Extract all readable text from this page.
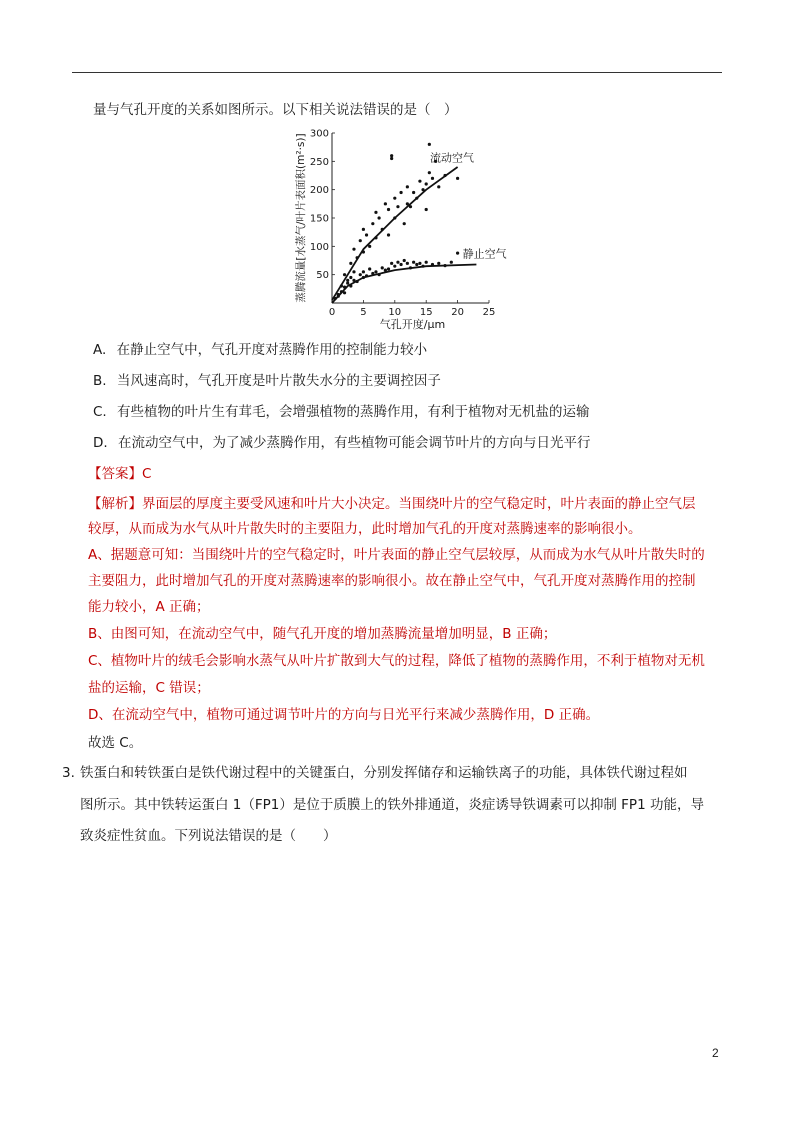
量与气孔开度的关系如图所示。以下相关说法错误的是（　）
0	5 10 15 20 25
50
100
150
200
250
300
气孔开度/μm
蒸腾流量[水蒸气/叶片表面积(m²·s)]	流动空气
静止空气
A. 在静止空气中，气孔开度对蒸腾作用的控制能力较小
B. 当风速高时，气孔开度是叶片散失水分的主要调控因子
C. 有些植物的叶片生有茸毛，会增强植物的蒸腾作用，有利于植物对无机盐的运输
D. 在流动空气中，为了减少蒸腾作用，有些植物可能会调节叶片的方向与日光平行
【答案】C
【解析】界面层的厚度主要受风速和叶片大小决定。当围绕叶片的空气稳定时，叶片表面的静止空气层
较厚，从而成为水气从叶片散失时的主要阻力，此时增加气孔的开度对蒸腾速率的影响很小。
A、据题意可知：当围绕叶片的空气稳定时，叶片表面的静止空气层较厚，从而成为水气从叶片散失时的
主要阻力，此时增加气孔的开度对蒸腾速率的影响很小。故在静止空气中，气孔开度对蒸腾作用的控制
能力较小，A 正确；
B、由图可知，在流动空气中，随气孔开度的增加蒸腾流量增加明显，B 正确；
C、植物叶片的绒毛会影响水蒸气从叶片扩散到大气的过程，降低了植物的蒸腾作用，不利于植物对无机
盐的运输，C 错误；
D、在流动空气中，植物可通过调节叶片的方向与日光平行来减少蒸腾作用，D 正确。
故选 C。
3. 铁蛋白和转铁蛋白是铁代谢过程中的关键蛋白，分别发挥储存和运输铁离子的功能，具体铁代谢过程如
图所示。其中铁转运蛋白 1（FP1）是位于质膜上的铁外排通道，炎症诱导铁调素可以抑制 FP1 功能，导
致炎症性贫血。下列说法错误的是（　　）
2
